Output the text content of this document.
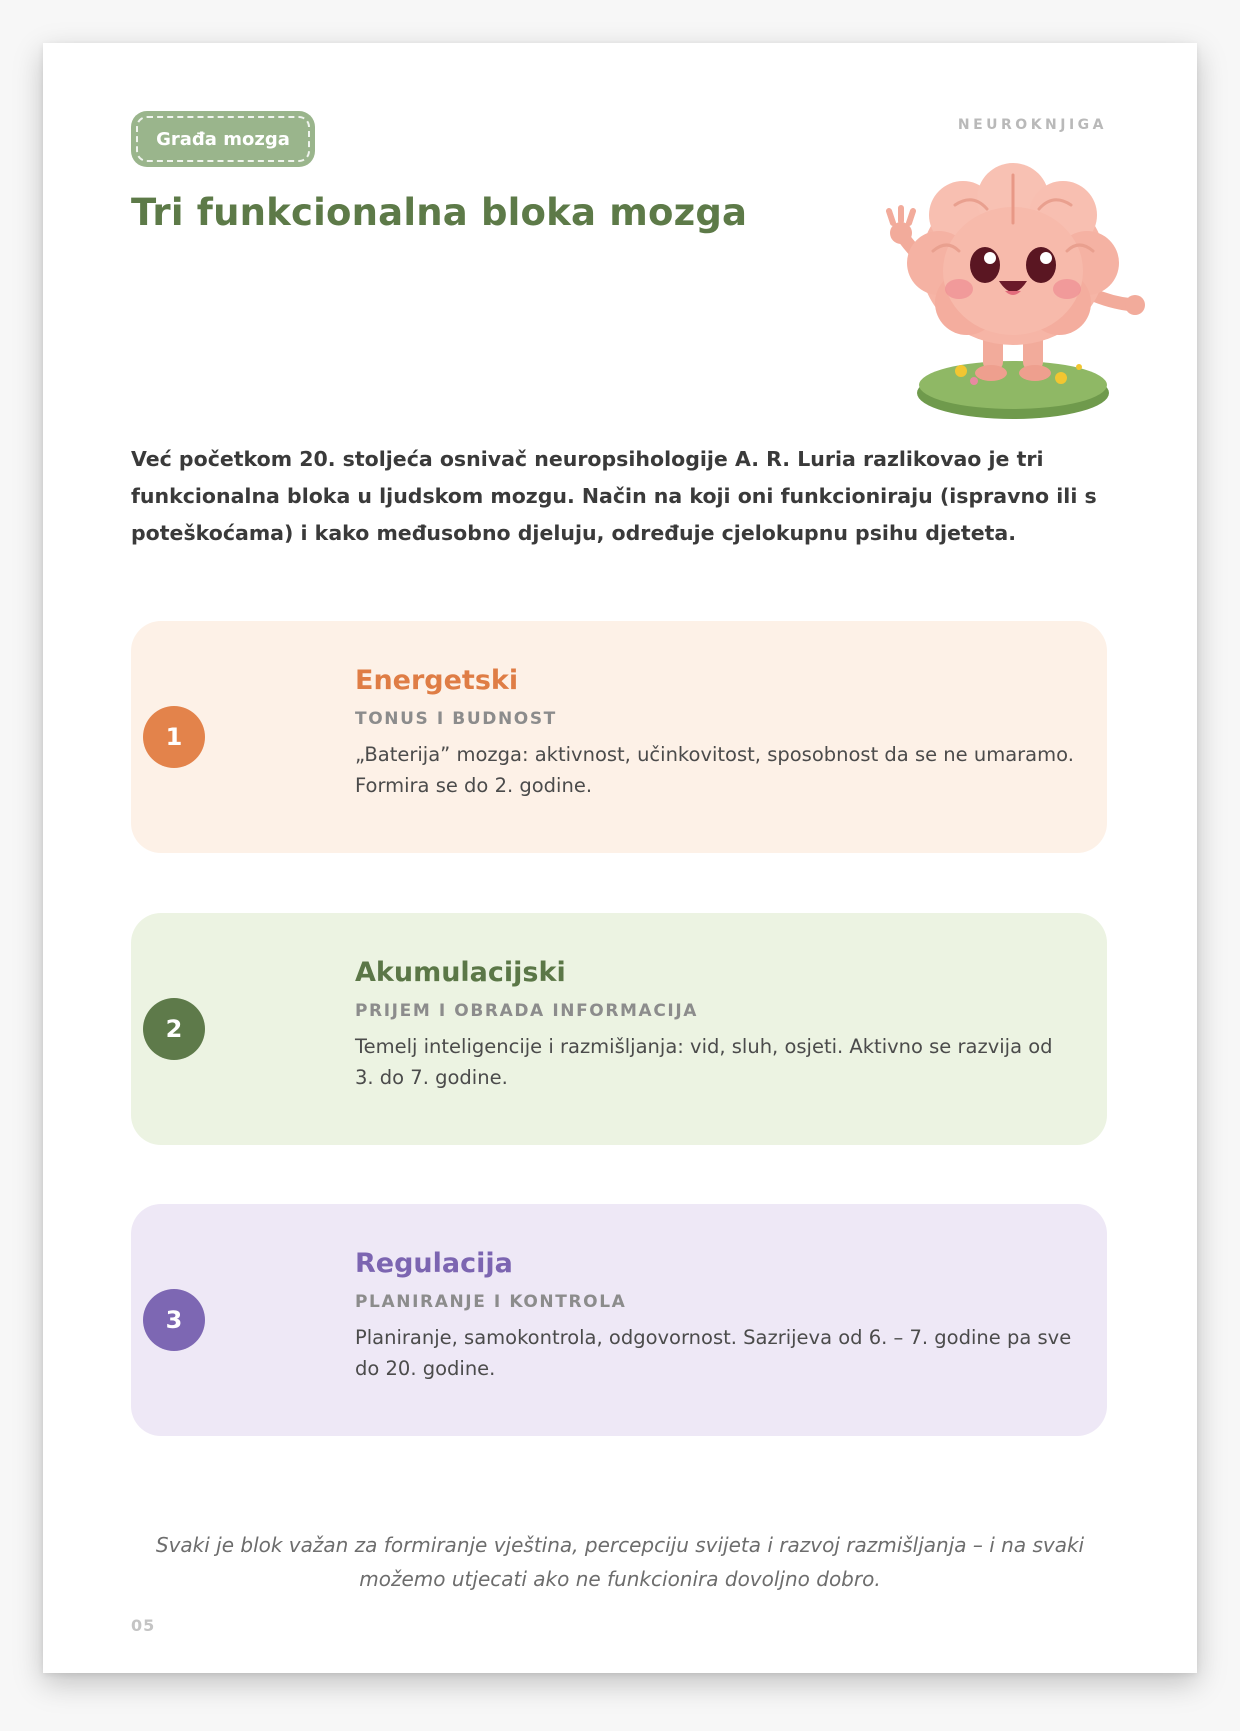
Građa mozga
NEUROKNJIGA
Tri funkcionalna bloka mozga

Već početkom 20. stoljeća osnivač neuropsihologije A. R. Luria razlikovao je tri funkcionalna bloka u ljudskom mozgu. Način na koji oni funkcioniraju (ispravno ili s poteškoćama) i kako međusobno djeluju, određuje cjelokupnu psihu djeteta.

1
Energetski

TONUS I BUDNOST

„Baterija” mozga: aktivnost, učinkovitost, sposobnost da se ne umaramo. Formira se do 2. godine.

2
Akumulacijski

PRIJEM I OBRADA INFORMACIJA

Temelj inteligencije i razmišljanja: vid, sluh, osjeti. Aktivno se razvija od 3. do 7. godine.

3
Regulacija

PLANIRANJE I KONTROLA

Planiranje, samokontrola, odgovornost. Sazrijeva od 6. – 7. godine pa sve do 20. godine.

Svaki je blok važan za formiranje vještina, percepciju svijeta i razvoj razmišljanja – i na svaki možemo utjecati ako ne funkcionira dovoljno dobro.

05
